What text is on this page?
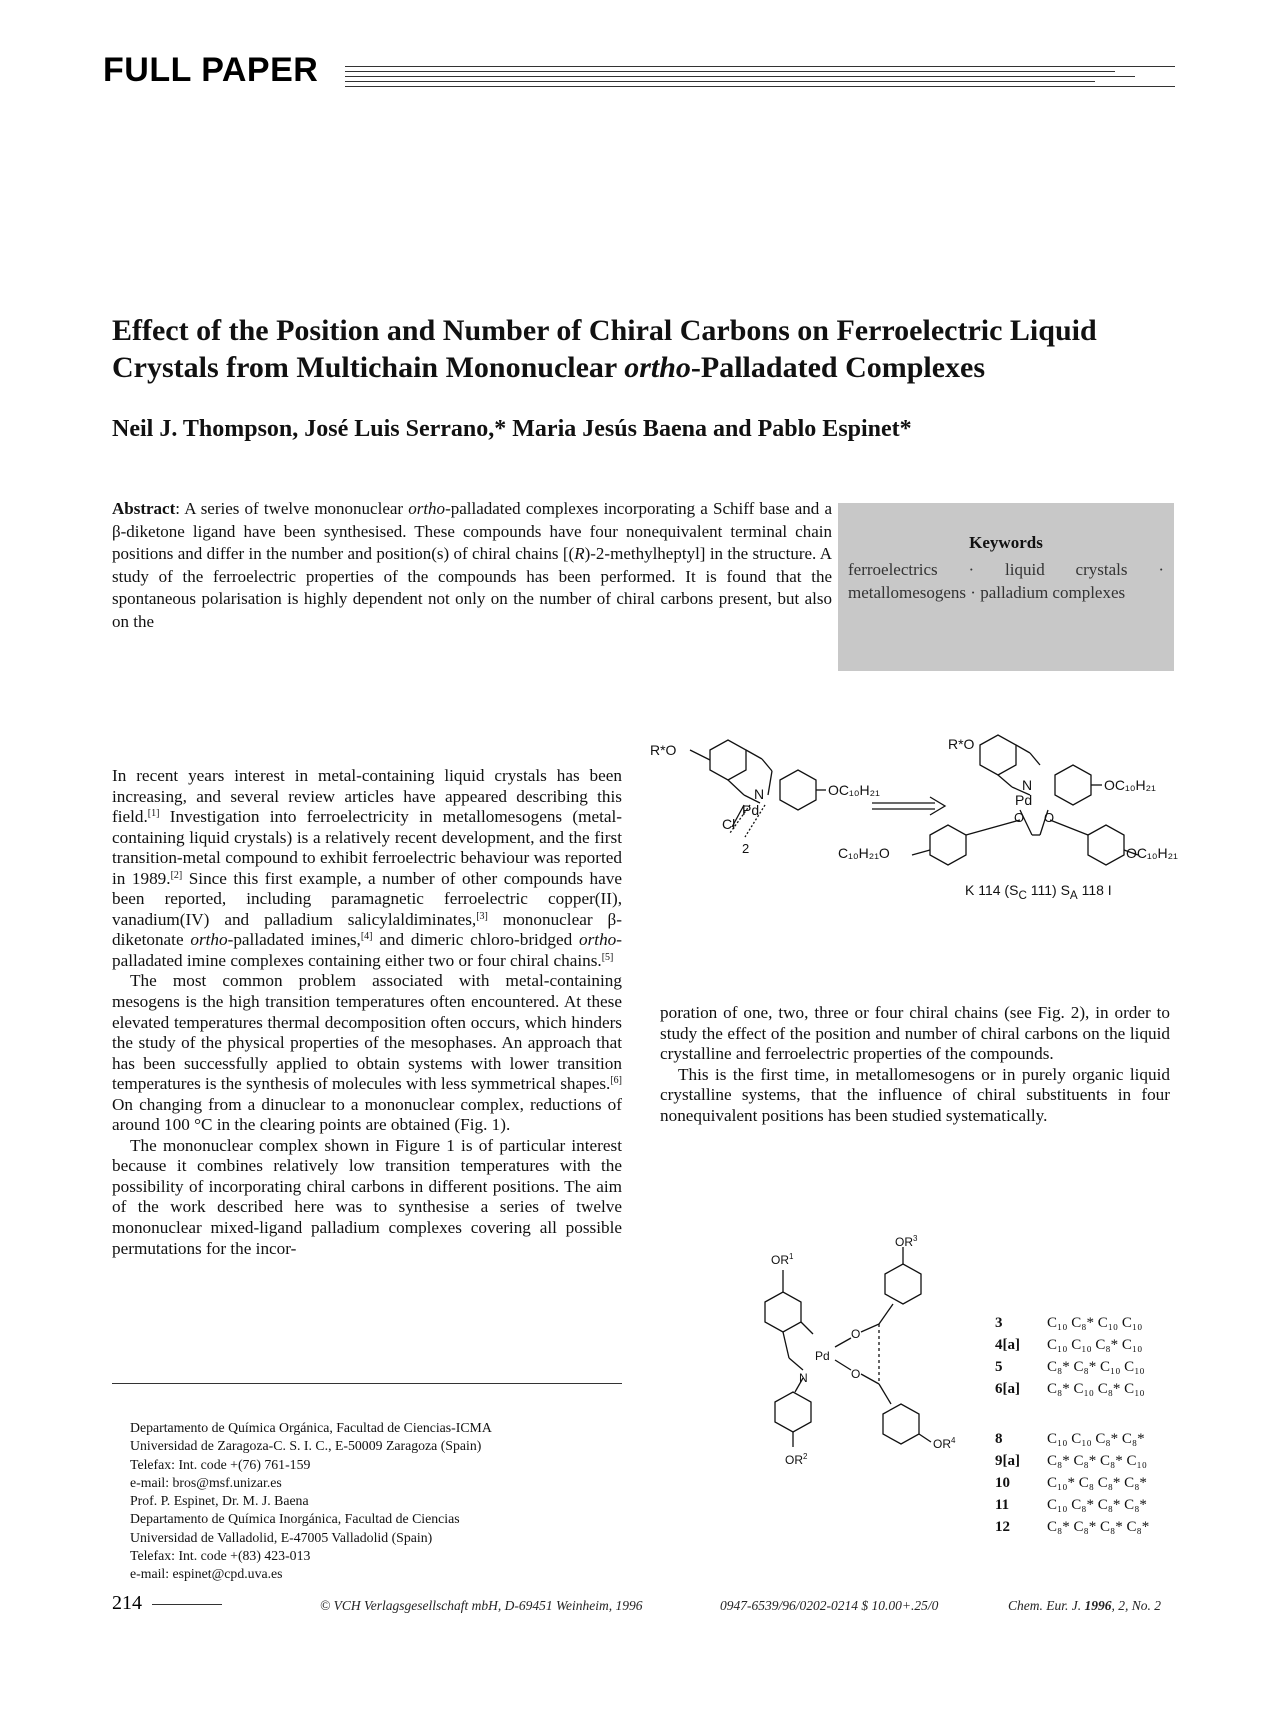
FULL PAPER
Effect of the Position and Number of Chiral Carbons on Ferroelectric Liquid Crystals from Multichain Mononuclear ortho-Palladated Complexes
Neil J. Thompson, José Luis Serrano,* Maria Jesús Baena and Pablo Espinet*
Abstract: A series of twelve mononuclear ortho-palladated complexes incorporating a Schiff base and a β-diketone ligand have been synthesised. These compounds have four nonequivalent terminal chain positions and differ in the number and position(s) of chiral chains [(R)-2-methylheptyl] in the structure. A study of the ferroelectric properties of the compounds has been performed. It is found that the spontaneous polarisation is highly dependent not only on the number of chiral carbons present, but also on the
Keywords
ferroelectrics · liquid crystals · metallomesogens · palladium complexes
R*O
OC₁₀H₂₁
N
Pd
Cl
2
R*O
OC₁₀H₂₁
N
Pd
O O
C₁₀H₂₁O	OC₁₀H₂₁
K 114 ($S_C$ 111) $S_A$ 118 I

In recent years interest in metal-containing liquid crystals has been increasing, and several review articles have appeared describing this field.[1] Investigation into ferroelectricity in metallomesogens (metal-containing liquid crystals) is a relatively recent development, and the first transition-metal compound to exhibit ferroelectric behaviour was reported in 1989.[2] Since this first example, a number of other compounds have been reported, including paramagnetic ferroelectric copper(II), vanadium(IV) and palladium salicylaldiminates,[3] mononuclear β-diketonate ortho-palladated imines,[4] and dimeric chloro-bridged ortho-palladated imine complexes containing either two or four chiral chains.[5]

The most common problem associated with metal-containing mesogens is the high transition temperatures often encountered. At these elevated temperatures thermal decomposition often occurs, which hinders the study of the physical properties of the mesophases. An approach that has been successfully applied to obtain systems with lower transition temperatures is the synthesis of molecules with less symmetrical shapes.[6] On changing from a dinuclear to a mononuclear complex, reductions of around 100 °C in the clearing points are obtained (Fig. 1).

The mononuclear complex shown in Figure 1 is of particular interest because it combines relatively low transition temperatures with the possibility of incorporating chiral carbons in different positions. The aim of the work described here was to synthesise a series of twelve mononuclear mixed-ligand palladium complexes covering all possible permutations for the incor-

poration of one, two, three or four chiral chains (see Fig. 2), in order to study the effect of the position and number of chiral carbons on the liquid crystalline and ferroelectric properties of the compounds.

This is the first time, in metallomesogens or in purely organic liquid crystalline systems, that the influence of chiral substituents in four nonequivalent positions has been studied systematically.

$OR^1$
$OR^2$
$OR^3$
$OR^4$
Pd
N
O
O
3	C₁₀ C₈* C₁₀ C₁₀
4[a]	C₁₀ C₁₀ C₈* C₁₀
5	C₈* C₈* C₁₀ C₁₀
6[a]	C₈* C₁₀ C₈* C₁₀
8	C₁₀ C₁₀ C₈* C₈*
9[a]	C₈* C₈* C₈* C₁₀
10	C₁₀* C₈ C₈* C₈*
11	C₁₀ C₈* C₈* C₈*
12	C₈* C₈* C₈* C₈*
Departamento de Química Orgánica, Facultad de Ciencias-ICMA
Universidad de Zaragoza-C. S. I. C., E-50009 Zaragoza (Spain)
Telefax: Int. code +(76) 761-159
e-mail: bros@msf.unizar.es
Prof. P. Espinet, Dr. M. J. Baena
Departamento de Química Inorgánica, Facultad de Ciencias
Universidad de Valladolid, E-47005 Valladolid (Spain)
Telefax: Int. code +(83) 423-013
e-mail: espinet@cpd.uva.es
214	© VCH Verlagsgesellschaft mbH, D-69451 Weinheim, 1996	0947-6539/96/0202-0214 $ 10.00+.25/0	Chem. Eur. J. 1996, 2, No. 2
